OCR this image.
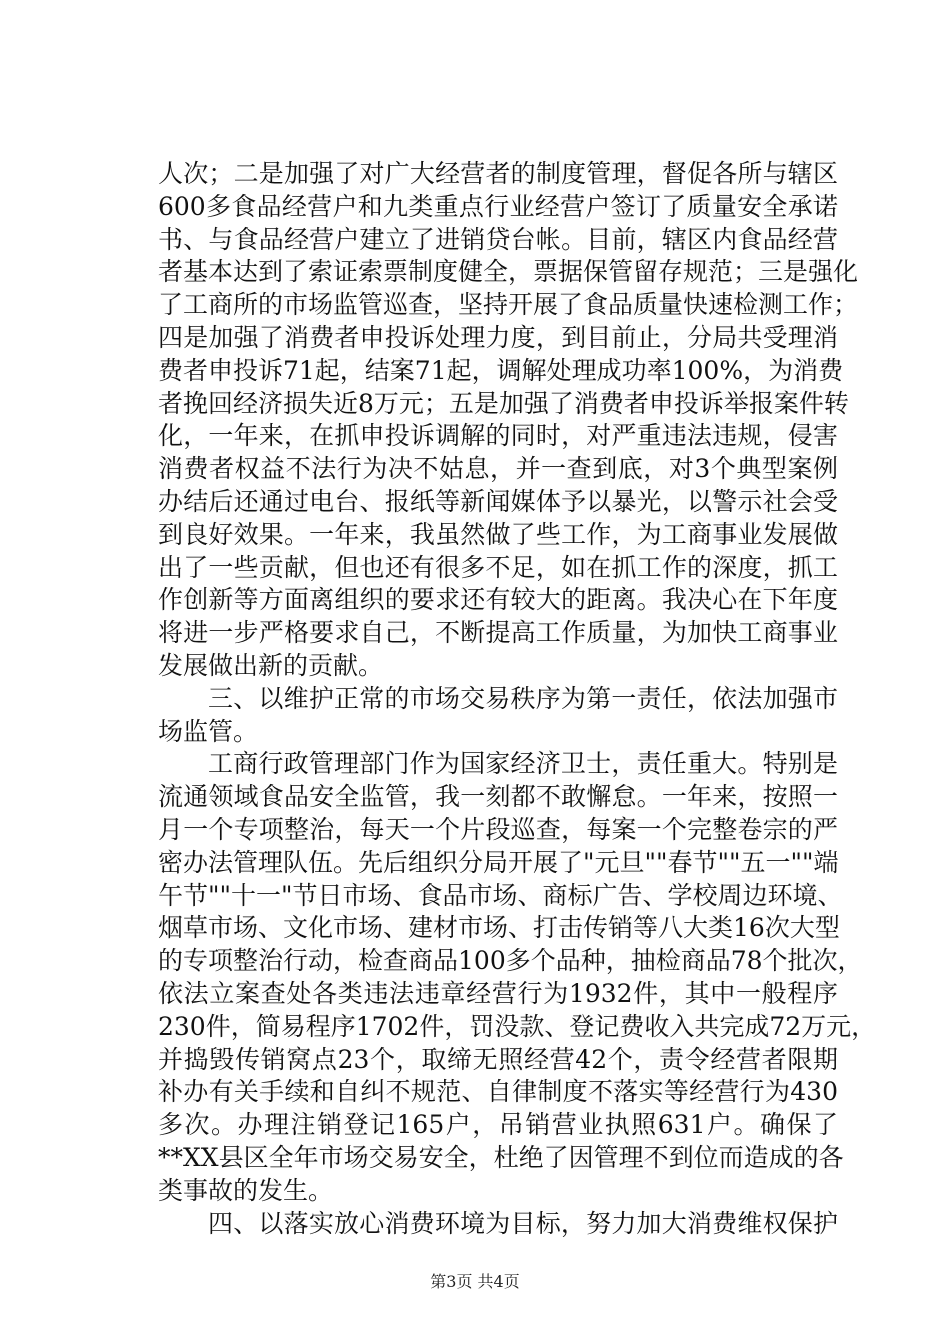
人次；二是加强了对广大经营者的制度管理，督促各所与辖区
600多食品经营户和九类重点行业经营户签订了质量安全承诺
书、与食品经营户建立了进销贷台帐。目前，辖区内食品经营
者基本达到了索证索票制度健全，票据保管留存规范；三是强化
了工商所的市场监管巡查，坚持开展了食品质量快速检测工作；
四是加强了消费者申投诉处理力度，到目前止，分局共受理消
费者申投诉71起，结案71起，调解处理成功率100%，为消费
者挽回经济损失近8万元；五是加强了消费者申投诉举报案件转
化，一年来，在抓申投诉调解的同时，对严重违法违规，侵害
消费者权益不法行为决不姑息，并一查到底，对3个典型案例
办结后还通过电台、报纸等新闻媒体予以暴光，以警示社会受
到良好效果。一年来，我虽然做了些工作，为工商事业发展做
出了一些贡献，但也还有很多不足，如在抓工作的深度，抓工
作创新等方面离组织的要求还有较大的距离。我决心在下年度
将进一步严格要求自己，不断提高工作质量，为加快工商事业
发展做出新的贡献。
三、以维护正常的市场交易秩序为第一责任，依法加强市
场监管。
工商行政管理部门作为国家经济卫士，责任重大。特别是
流通领域食品安全监管，我一刻都不敢懈怠。一年来，按照一
月一个专项整治，每天一个片段巡查，每案一个完整卷宗的严
密办法管理队伍。先后组织分局开展了"元旦""春节""五一""端
午节""十一"节日市场、食品市场、商标广告、学校周边环境、
烟草市场、文化市场、建材市场、打击传销等八大类16次大型
的专项整治行动，检查商品100多个品种，抽检商品78个批次，
依法立案查处各类违法违章经营行为1932件，其中一般程序
230件，简易程序1702件，罚没款、登记费收入共完成72万元，
并捣毁传销窝点23个，取缔无照经营42个，责令经营者限期
补办有关手续和自纠不规范、自律制度不落实等经营行为430
多次。办理注销登记165户，吊销营业执照631户。确保了
**XX县区全年市场交易安全，杜绝了因管理不到位而造成的各
类事故的发生。
四、以落实放心消费环境为目标，努力加大消费维权保护
第3页 共4页
